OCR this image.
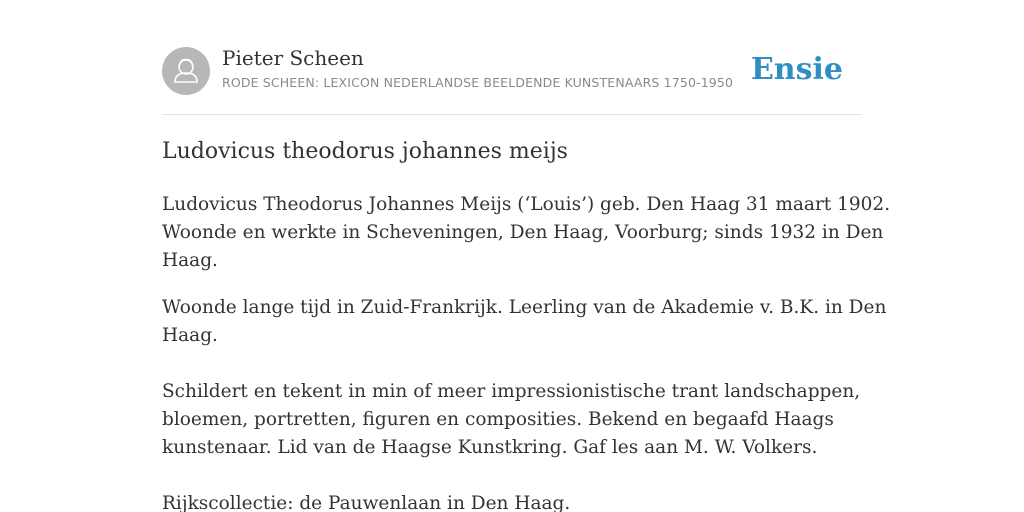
Pieter Scheen
RODE SCHEEN: LEXICON NEDERLANDSE BEELDENDE KUNSTENAARS 1750-1950 Ensie
Ludovicus theodorus johannes meijs

Ludovicus Theodorus Johannes Meijs (‘Louis’) geb. Den Haag 31 maart 1902.
Woonde en werkte in Scheveningen, Den Haag, Voorburg; sinds 1932 in Den
Haag.

Woonde lange tijd in Zuid-Frankrijk. Leerling van de Akademie v. B.K. in Den
Haag.

Schildert en tekent in min of meer impressionistische trant landschappen,
bloemen, portretten, figuren en composities. Bekend en begaafd Haags
kunstenaar. Lid van de Haagse Kunstkring. Gaf les aan M. W. Volkers.

Rijkscollectie: de Pauwenlaan in Den Haag.
